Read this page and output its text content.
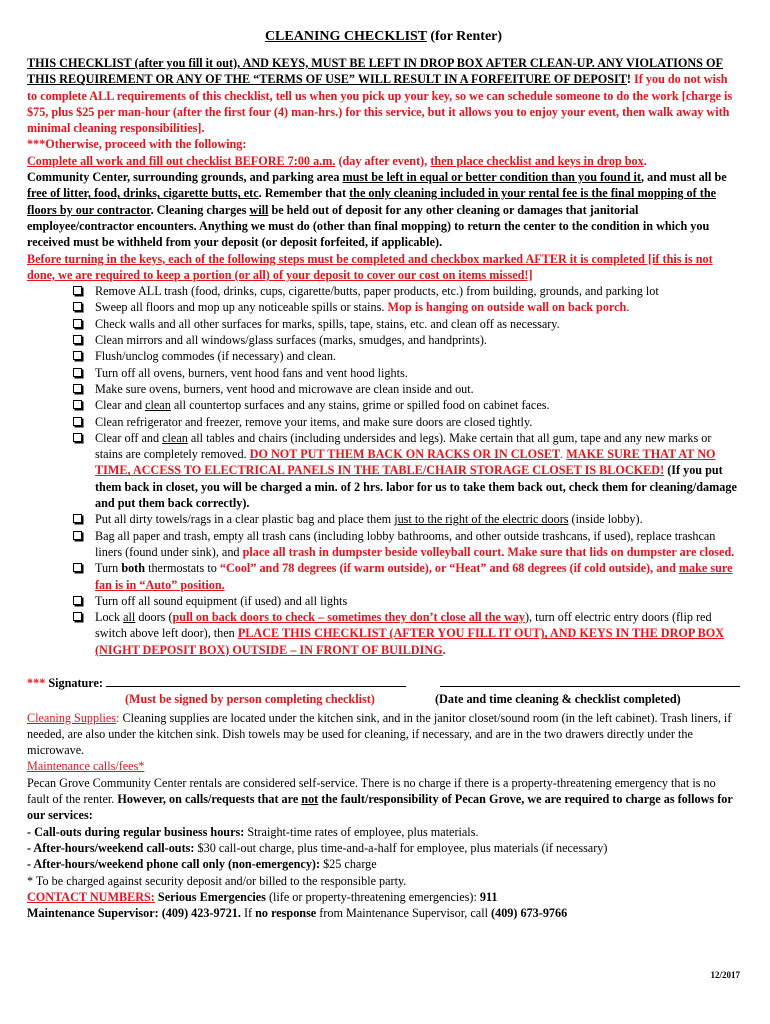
CLEANING CHECKLIST (for Renter)

THIS CHECKLIST (after you fill it out), AND KEYS, MUST BE LEFT IN DROP BOX AFTER CLEAN-UP. ANY VIOLATIONS OF THIS REQUIREMENT OR ANY OF THE “TERMS OF USE” WILL RESULT IN A FORFEITURE OF DEPOSIT! If you do not wish to complete ALL requirements of this checklist, tell us when you pick up your key, so we can schedule someone to do the work [charge is $75, plus $25 per man-hour (after the first four (4) man-hrs.) for this service, but it allows you to enjoy your event, then walk away with minimal cleaning responsibilities].

***Otherwise, proceed with the following:

Complete all work and fill out checklist BEFORE 7:00 a.m. (day after event), then place checklist and keys in drop box.

Community Center, surrounding grounds, and parking area must be left in equal or better condition than you found it, and must all be free of litter, food, drinks, cigarette butts, etc. Remember that the only cleaning included in your rental fee is the final mopping of the floors by our contractor. Cleaning charges will be held out of deposit for any other cleaning or damages that janitorial employee/contractor encounters. Anything we must do (other than final mopping) to return the center to the condition in which you received must be withheld from your deposit (or deposit forfeited, if applicable).

Before turning in the keys, each of the following steps must be completed and checkbox marked AFTER it is completed [if this is not done, we are required to keep a portion (or all) of your deposit to cover our cost on items missed!]

Remove ALL trash (food, drinks, cups, cigarette/butts, paper products, etc.) from building, grounds, and parking lot
Sweep all floors and mop up any noticeable spills or stains. Mop is hanging on outside wall on back porch.
Check walls and all other surfaces for marks, spills, tape, stains, etc. and clean off as necessary.
Clean mirrors and all windows/glass surfaces (marks, smudges, and handprints).
Flush/unclog commodes (if necessary) and clean.
Turn off all ovens, burners, vent hood fans and vent hood lights.
Make sure ovens, burners, vent hood and microwave are clean inside and out.
Clear and clean all countertop surfaces and any stains, grime or spilled food on cabinet faces.
Clean refrigerator and freezer, remove your items, and make sure doors are closed tightly.
Clear off and clean all tables and chairs (including undersides and legs). Make certain that all gum, tape and any new marks or stains are completely removed. DO NOT PUT THEM BACK ON RACKS OR IN CLOSET. MAKE SURE THAT AT NO TIME, ACCESS TO ELECTRICAL PANELS IN THE TABLE/CHAIR STORAGE CLOSET IS BLOCKED! (If you put them back in closet, you will be charged a min. of 2 hrs. labor for us to take them back out, check them for cleaning/damage and put them back correctly).
Put all dirty towels/rags in a clear plastic bag and place them just to the right of the electric doors (inside lobby).
Bag all paper and trash, empty all trash cans (including lobby bathrooms, and other outside trashcans, if used), replace trashcan liners (found under sink), and place all trash in dumpster beside volleyball court. Make sure that lids on dumpster are closed.
Turn both thermostats to “Cool” and 78 degrees (if warm outside), or “Heat” and 68 degrees (if cold outside), and make sure fan is in “Auto” position.
Turn off all sound equipment (if used) and all lights
Lock all doors (pull on back doors to check – sometimes they don’t close all the way), turn off electric entry doors (flip red switch above left door), then PLACE THIS CHECKLIST (AFTER YOU FILL IT OUT), AND KEYS IN THE DROP BOX (NIGHT DEPOSIT BOX) OUTSIDE – IN FRONT OF BUILDING.
*** Signature:
(Must be signed by person completing checklist)	(Date and time cleaning & checklist completed)

Cleaning Supplies: Cleaning supplies are located under the kitchen sink, and in the janitor closet/sound room (in the left cabinet). Trash liners, if needed, are also under the kitchen sink. Dish towels may be used for cleaning, if necessary, and are in the two drawers directly under the microwave.

Maintenance calls/fees*

Pecan Grove Community Center rentals are considered self-service. There is no charge if there is a property-threatening emergency that is no fault of the renter. However, on calls/requests that are not the fault/responsibility of Pecan Grove, we are required to charge as follows for our services:

- Call-outs during regular business hours: Straight-time rates of employee, plus materials.

- After-hours/weekend call-outs: $30 call-out charge, plus time-and-a-half for employee, plus materials (if necessary)

- After-hours/weekend phone call only (non-emergency): $25 charge

* To be charged against security deposit and/or billed to the responsible party.

CONTACT NUMBERS: Serious Emergencies (life or property-threatening emergencies): 911

Maintenance Supervisor: (409) 423-9721. If no response from Maintenance Supervisor, call (409) 673-9766

12/2017
